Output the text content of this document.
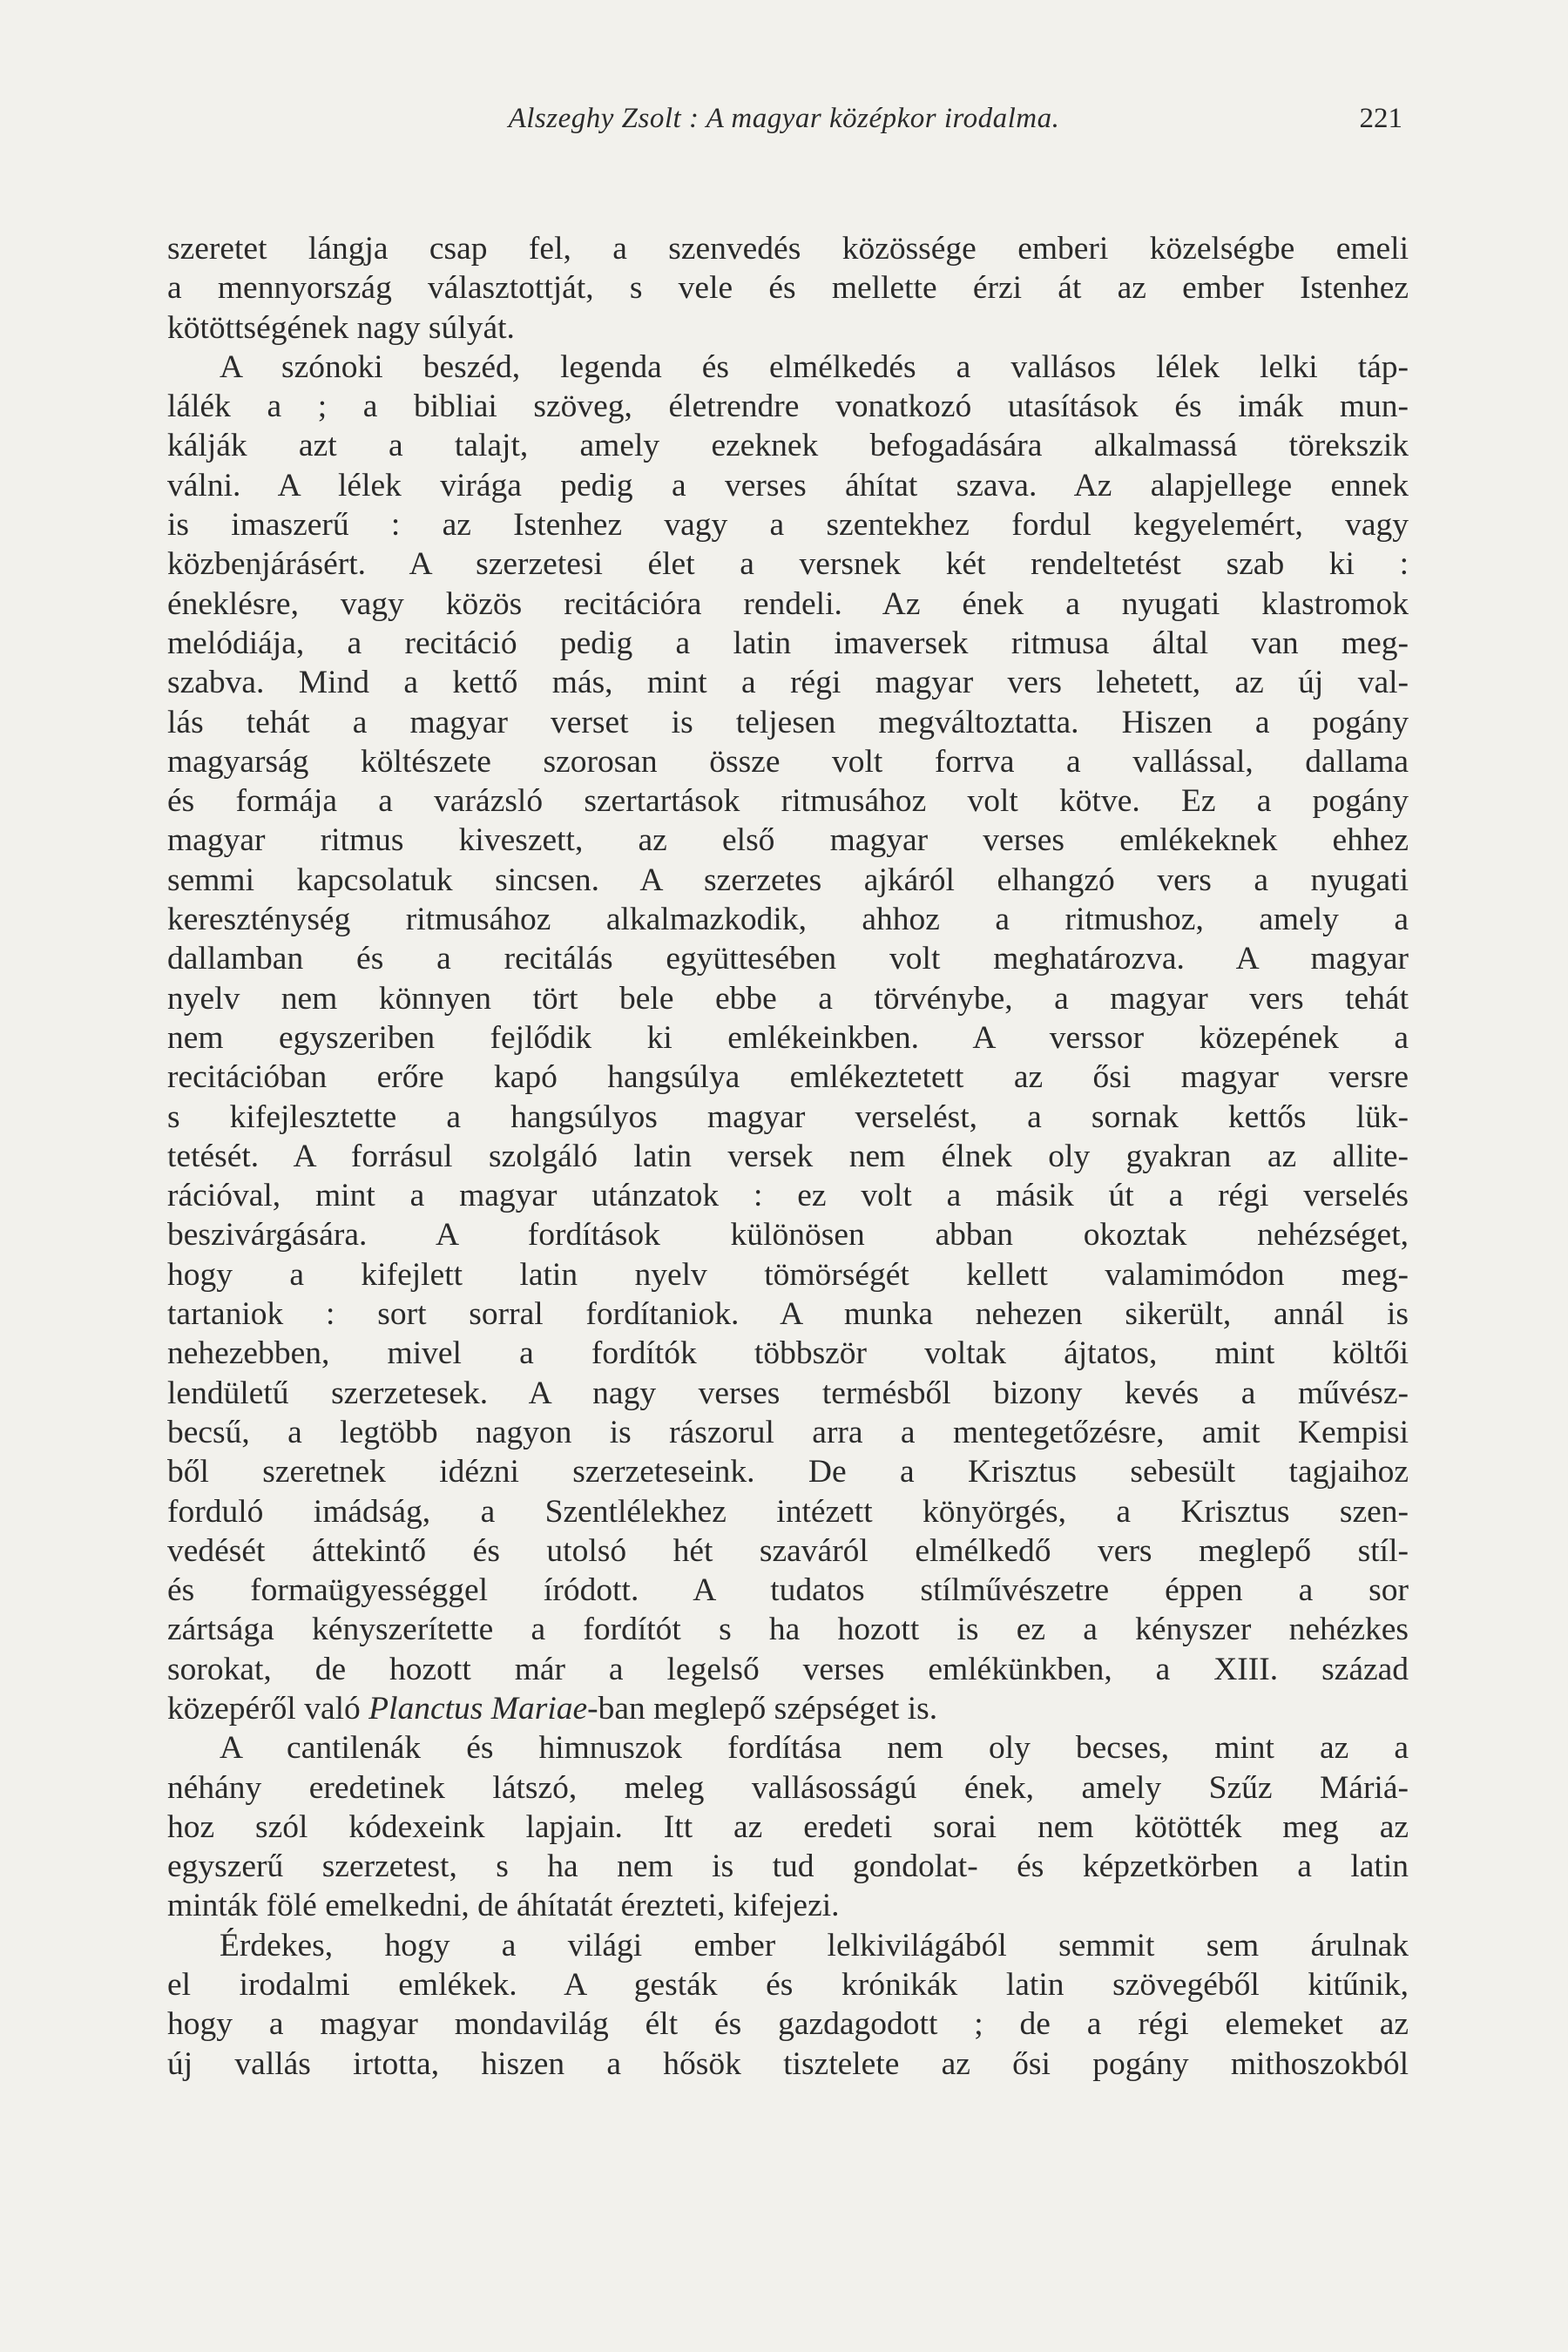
Alszeghy Zsolt : A magyar középkor irodalma.	221

szeretet lángja csap fel, a szenvedés közössége emberi közelségbe emeli

a mennyország választottját, s vele és mellette érzi át az ember Istenhez

kötöttségének nagy súlyát.

A szónoki beszéd, legenda és elmélkedés a vallásos lélek lelki táp-

lálék a ; a bibliai szöveg, életrendre vonatkozó utasítások és imák mun-

kálják azt a talajt, amely ezeknek befogadására alkalmassá törekszik

válni. A lélek virága pedig a verses áhítat szava. Az alapjellege ennek

is imaszerű : az Istenhez vagy a szentekhez fordul kegyelemért, vagy

közbenjárásért. A szerzetesi élet a versnek két rendeltetést szab ki :

éneklésre, vagy közös recitációra rendeli. Az ének a nyugati klastromok

melódiája, a recitáció pedig a latin imaversek ritmusa által van meg-

szabva. Mind a kettő más, mint a régi magyar vers lehetett, az új val-

lás tehát a magyar verset is teljesen megváltoztatta. Hiszen a pogány

magyarság költészete szorosan össze volt forrva a vallással, dallama

és formája a varázsló szertartások ritmusához volt kötve. Ez a pogány

magyar ritmus kiveszett, az első magyar verses emlékeknek ehhez

semmi kapcsolatuk sincsen. A szerzetes ajkáról elhangzó vers a nyugati

kereszténység ritmusához alkalmazkodik, ahhoz a ritmushoz, amely a

dallamban és a recitálás együttesében volt meghatározva. A magyar

nyelv nem könnyen tört bele ebbe a törvénybe, a magyar vers tehát

nem egyszeriben fejlődik ki emlékeinkben. A verssor közepének a

recitációban erőre kapó hangsúlya emlékeztetett az ősi magyar versre

s kifejlesztette a hangsúlyos magyar verselést, a sornak kettős lük-

tetését. A forrásul szolgáló latin versek nem élnek oly gyakran az allite-

rációval, mint a magyar utánzatok : ez volt a másik út a régi verselés

beszivárgására. A fordítások különösen abban okoztak nehézséget,

hogy a kifejlett latin nyelv tömörségét kellett valamimódon meg-

tartaniok : sort sorral fordítaniok. A munka nehezen sikerült, annál is

nehezebben, mivel a fordítók többször voltak ájtatos, mint költői

lendületű szerzetesek. A nagy verses termésből bizony kevés a művész-

becsű, a legtöbb nagyon is rászorul arra a mentegetőzésre, amit Kempisi

ből szeretnek idézni szerzeteseink. De a Krisztus sebesült tagjaihoz

forduló imádság, a Szentlélekhez intézett könyörgés, a Krisztus szen-

vedését áttekintő és utolsó hét szaváról elmélkedő vers meglepő stíl-

és formaügyességgel íródott. A tudatos stílművészetre éppen a sor

zártsága kényszerítette a fordítót s ha hozott is ez a kényszer nehézkes

sorokat, de hozott már a legelső verses emlékünkben, a XIII. század

közepéről való Planctus Mariae-ban meglepő szépséget is.

A cantilenák és himnuszok fordítása nem oly becses, mint az a

néhány eredetinek látszó, meleg vallásosságú ének, amely Szűz Máriá-

hoz szól kódexeink lapjain. Itt az eredeti sorai nem kötötték meg az

egyszerű szerzetest, s ha nem is tud gondolat- és képzetkörben a latin

minták fölé emelkedni, de áhítatát érezteti, kifejezi.

Érdekes, hogy a világi ember lelkivilágából semmit sem árulnak

el irodalmi emlékek. A gesták és krónikák latin szövegéből kitűnik,

hogy a magyar mondavilág élt és gazdagodott ; de a régi elemeket az

új vallás irtotta, hiszen a hősök tisztelete az ősi pogány mithoszokból
